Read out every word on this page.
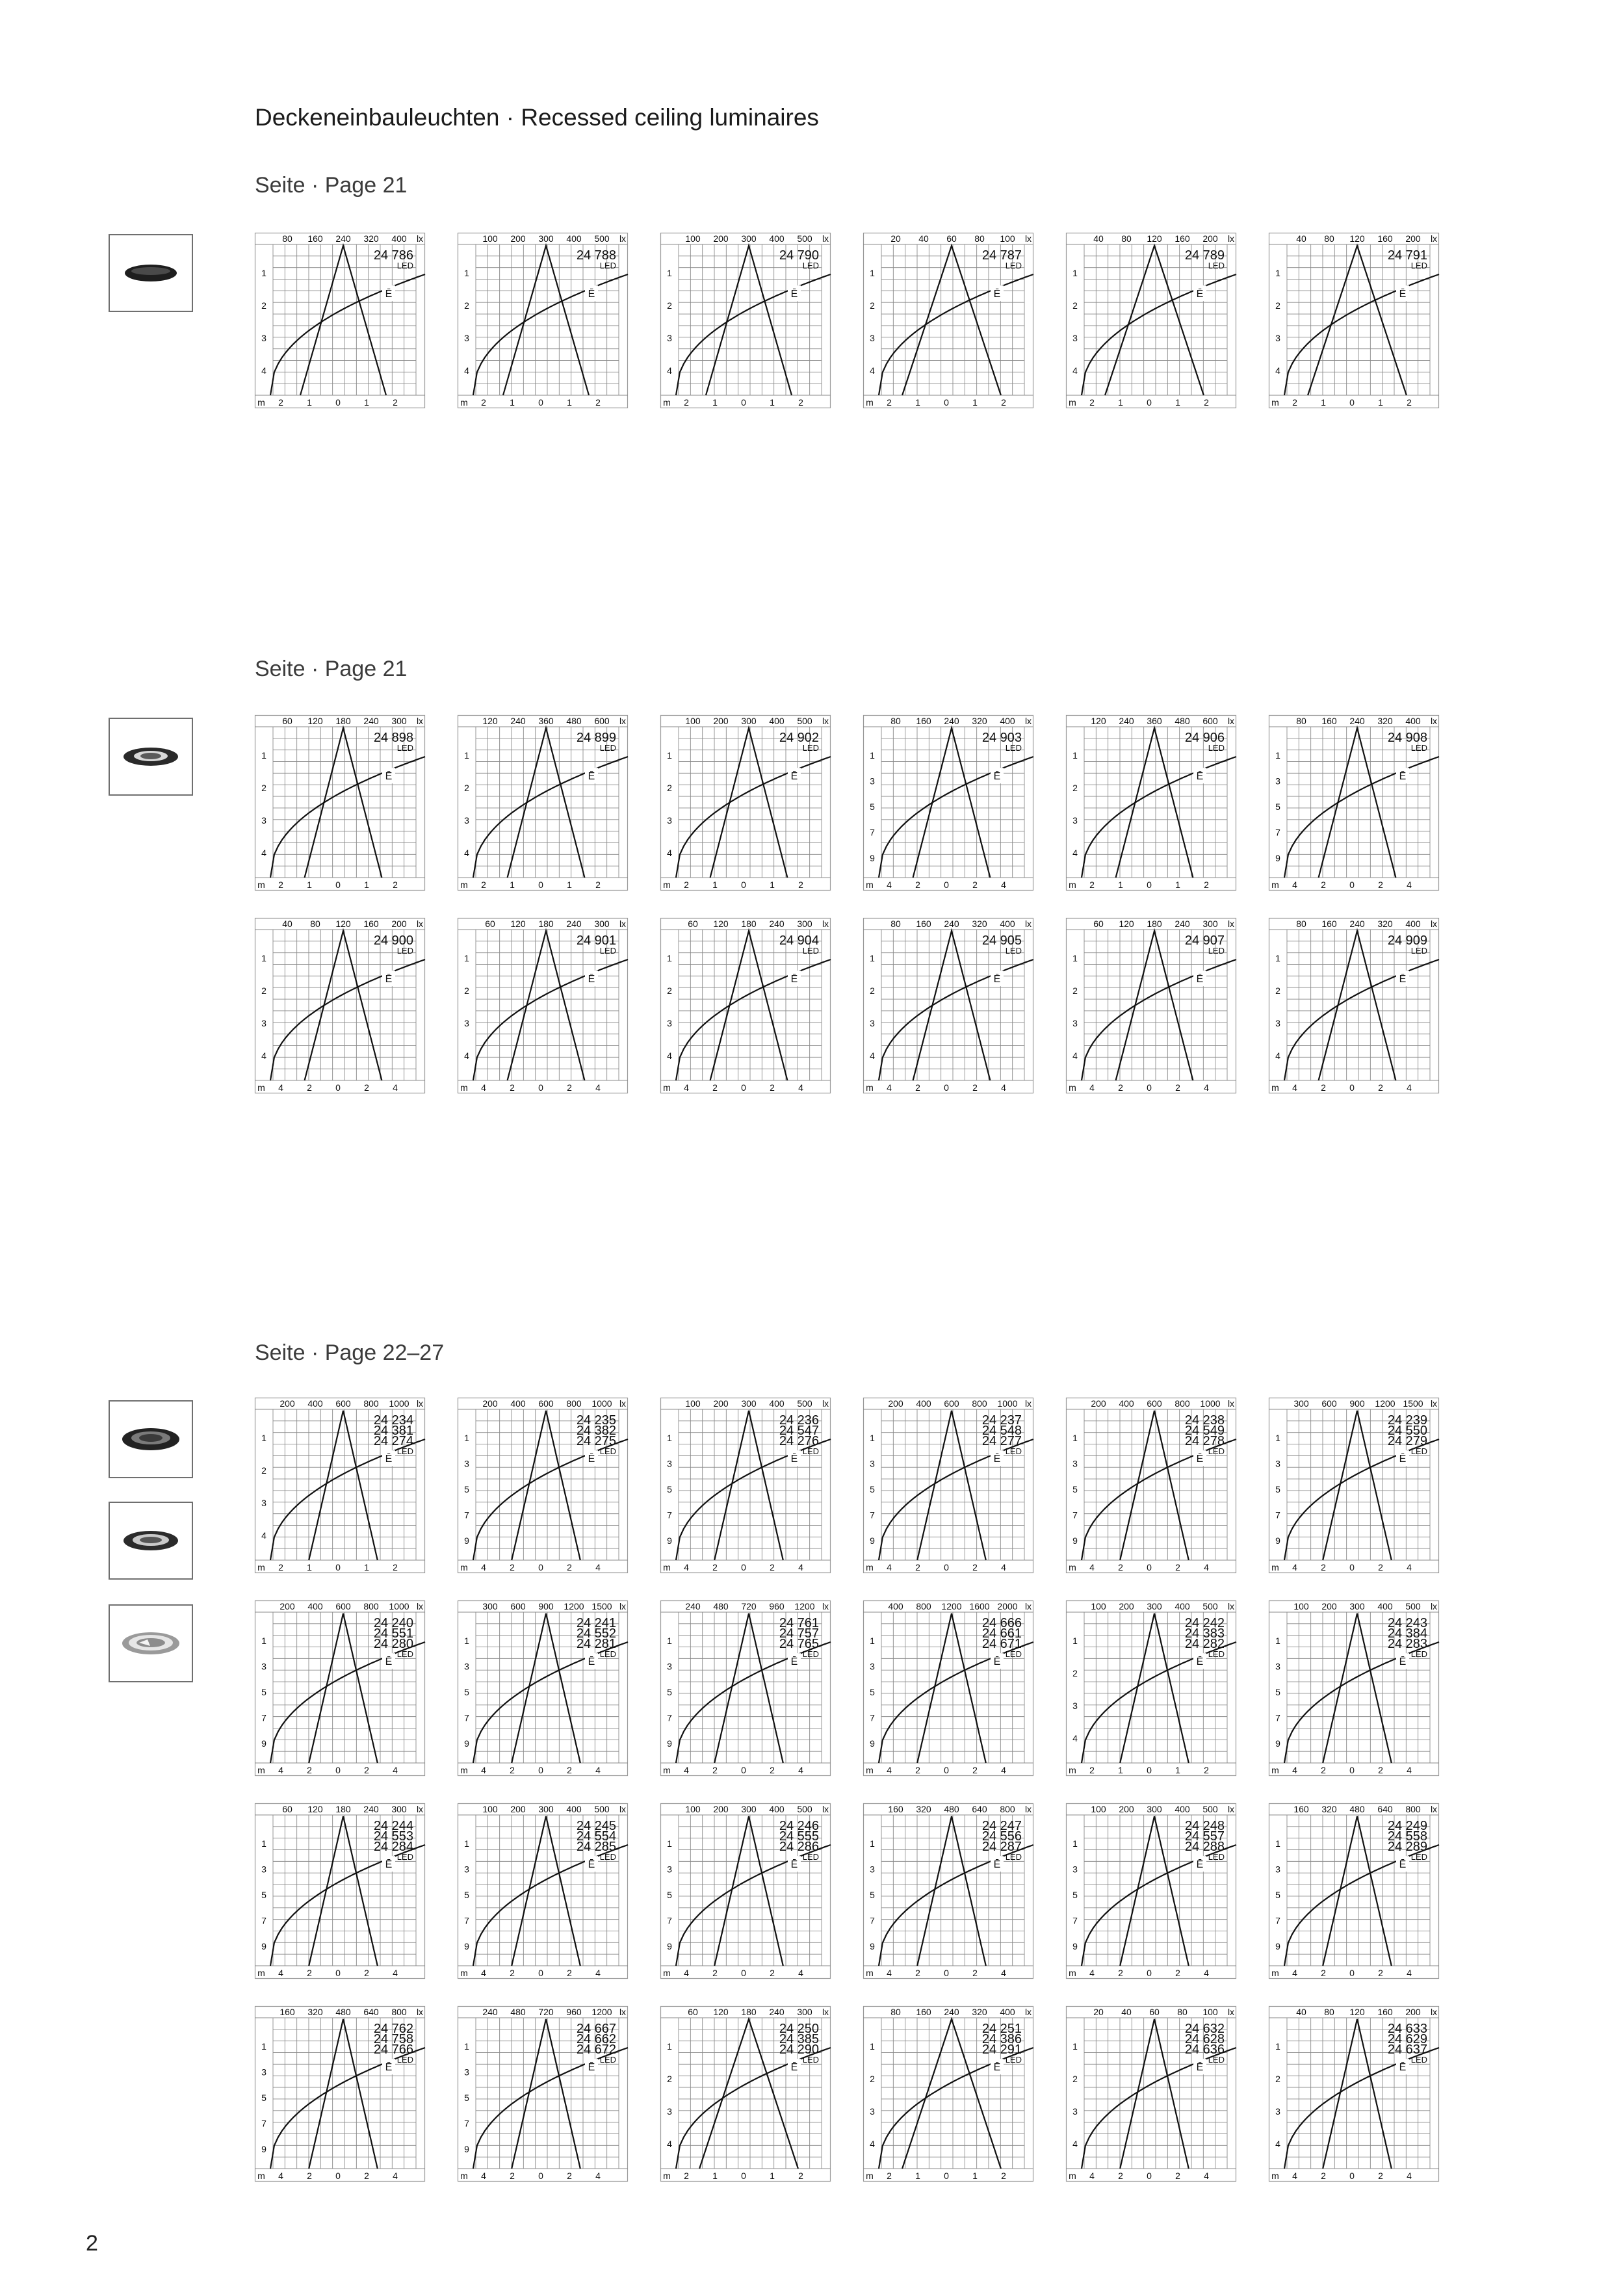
Deckeneinbauleuchten · Recessed ceiling luminaires
Seite · Page 21
Seite · Page 21
Seite · Page 22–27
80 160 240 320 400 lx
1
2
3
4
2	1	0	1	2
m
24 786
LED
Ē
100 200 300 400 500 lx
1
2
3
4
2	1	0	1	2
m
24 788
LED
Ē
100 200 300 400 500 lx
1
2
3
4
2	1	0	1	2
m
24 790
LED
Ē
20 40 60 80 100 lx
1
2
3
4
2	1	0	1	2
m
24 787
LED
Ē
40 80 120 160 200 lx
1
2
3
4
2	1	0	1	2
m
24 789
LED
Ē
40 80 120 160 200 lx
1
2
3
4
2	1	0	1	2
m
24 791
LED
Ē
60 120 180 240 300 lx
1
2
3
4
2	1	0	1	2
m
24 898
LED
Ē
120 240 360 480 600 lx
1
2
3
4
2	1	0	1	2
m
24 899
LED
Ē
100 200 300 400 500 lx
1
2
3
4
2	1	0	1	2
m
24 902
LED
Ē
80 160 240 320 400 lx
1
3
5
7
9
4	2	0	2	4
m
24 903
LED
Ē
120 240 360 480 600 lx
1
2
3
4
2	1	0	1	2
m
24 906
LED
Ē
80 160 240 320 400 lx
1
3
5
7
9
4	2	0	2	4
m
24 908
LED
Ē
40 80 120 160 200 lx
1
2
3
4
4	2	0	2	4
m
24 900
LED
Ē
60 120 180 240 300 lx
1
2
3
4
4	2	0	2	4
m
24 901
LED
Ē
60 120 180 240 300 lx
1
2
3
4
4	2	0	2	4
m
24 904
LED
Ē
80 160 240 320 400 lx
1
2
3
4
4	2	0	2	4
m
24 905
LED
Ē
60 120 180 240 300 lx
1
2
3
4
4	2	0	2	4
m
24 907
LED
Ē
80 160 240 320 400 lx
1
2
3
4
4	2	0	2	4
m
24 909
LED
Ē
200 400 600 800 1000 lx
1
2
3
4
2	1	0	1	2
m
24 234
24 381
24 274
LED
Ē
200 400 600 800 1000 lx
1
3
5
7
9
4	2	0	2	4
m
24 235
24 382
24 275
LED
Ē
100 200 300 400 500 lx
1
3
5
7
9
4	2	0	2	4
m
24 236
24 547
24 276
LED
Ē
200 400 600 800 1000 lx
1
3
5
7
9
4	2	0	2	4
m
24 237
24 548
24 277
LED
Ē
200 400 600 800 1000 lx
1
3
5
7
9
4	2	0	2	4
m
24 238
24 549
24 278
LED
Ē
300 600 900 1200 1500 lx
1
3
5
7
9
4	2	0	2	4
m
24 239
24 550
24 279
LED
Ē
200 400 600 800 1000 lx
1
3
5
7
9
4	2	0	2	4
m
24 240
24 551
24 280
LED
Ē
300 600 900 1200 1500 lx
1
3
5
7
9
4	2	0	2	4
m
24 241
24 552
24 281
LED
Ē
240 480 720 960 1200 lx
1
3
5
7
9
4	2	0	2	4
m
24 761
24 757
24 765
LED
Ē
400 800 1200 1600 2000 lx
1
3
5
7
9
4	2	0	2	4
m
24 666
24 661
24 671
LED
Ē
100 200 300 400 500 lx
1
2
3
4
2	1	0	1	2
m
24 242
24 383
24 282
LED
Ē
100 200 300 400 500 lx
1
3
5
7
9
4	2	0	2	4
m
24 243
24 384
24 283
LED
Ē
60 120 180 240 300 lx
1
3
5
7
9
4	2	0	2	4
m
24 244
24 553
24 284
LED
Ē
100 200 300 400 500 lx
1
3
5
7
9
4	2	0	2	4
m
24 245
24 554
24 285
LED
Ē
100 200 300 400 500 lx
1
3
5
7
9
4	2	0	2	4
m
24 246
24 555
24 286
LED
Ē
160 320 480 640 800 lx
1
3
5
7
9
4	2	0	2	4
m
24 247
24 556
24 287
LED
Ē
100 200 300 400 500 lx
1
3
5
7
9
4	2	0	2	4
m
24 248
24 557
24 288
LED
Ē
160 320 480 640 800 lx
1
3
5
7
9
4	2	0	2	4
m
24 249
24 558
24 289
LED
Ē
160 320 480 640 800 lx
1
3
5
7
9
4	2	0	2	4
m
24 762
24 758
24 766
LED
Ē
240 480 720 960 1200 lx
1
3
5
7
9
4	2	0	2	4
m
24 667
24 662
24 672
LED
Ē
60 120 180 240 300 lx
1
2
3
4
2	1	0	1	2
m
24 250
24 385
24 290
LED
Ē
80 160 240 320 400 lx
1
2
3
4
2	1	0	1	2
m
24 251
24 386
24 291
LED
Ē
20 40 60 80 100 lx
1
2
3
4
4	2	0	2	4
m
24 632
24 628
24 636
LED
Ē
40 80 120 160 200 lx
1
2
3
4
4	2	0	2	4
m
24 633
24 629
24 637
LED
Ē
2
